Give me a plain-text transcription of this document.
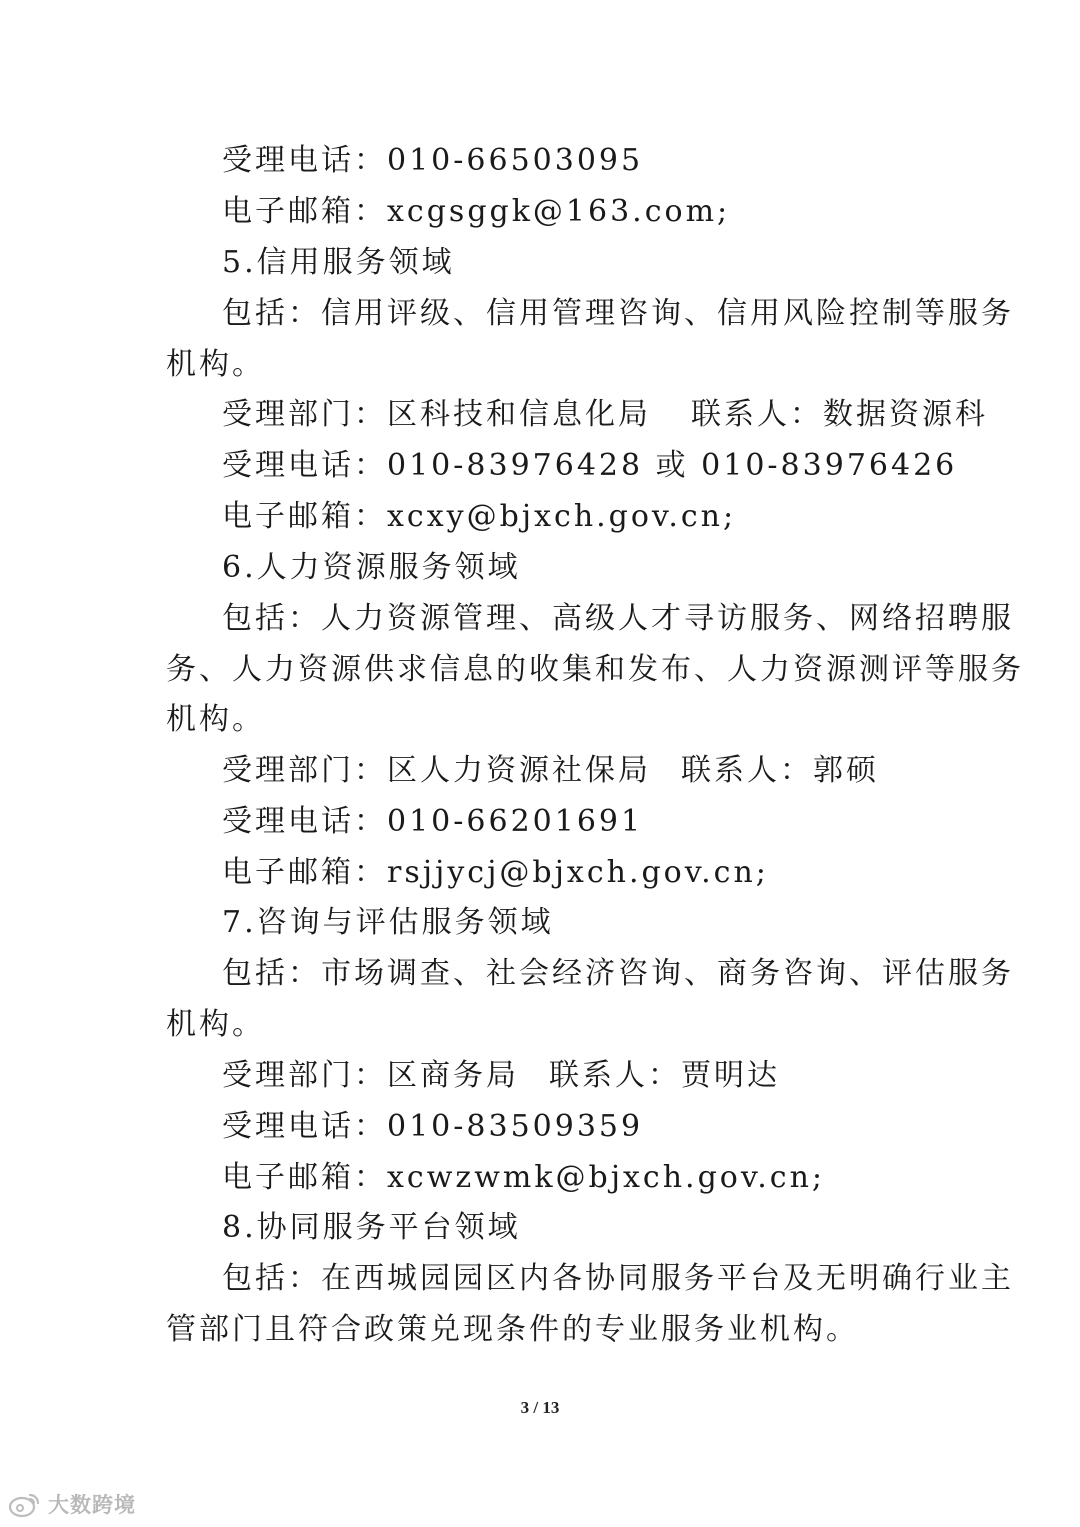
受理电话：010-66503095
电子邮箱：xcgsggk@163.com;
5.信用服务领域
包括：信用评级、信用管理咨询、信用风险控制等服务
机构。
受理部门：区科技和信息化局 联系人：数据资源科
受理电话：010-83976428 或 010-83976426
电子邮箱：xcxy@bjxch.gov.cn;
6.人力资源服务领域
包括：人力资源管理、高级人才寻访服务、网络招聘服
务、人力资源供求信息的收集和发布、人力资源测评等服务
机构。
受理部门：区人力资源社保局 联系人：郭硕
受理电话：010-66201691
电子邮箱：rsjjycj@bjxch.gov.cn;
7.咨询与评估服务领域
包括：市场调查、社会经济咨询、商务咨询、评估服务
机构。
受理部门：区商务局 联系人：贾明达
受理电话：010-83509359
电子邮箱：xcwzwmk@bjxch.gov.cn;
8.协同服务平台领域
包括：在西城园园区内各协同服务平台及无明确行业主
管部门且符合政策兑现条件的专业服务业机构。
3 / 13
大数跨境
